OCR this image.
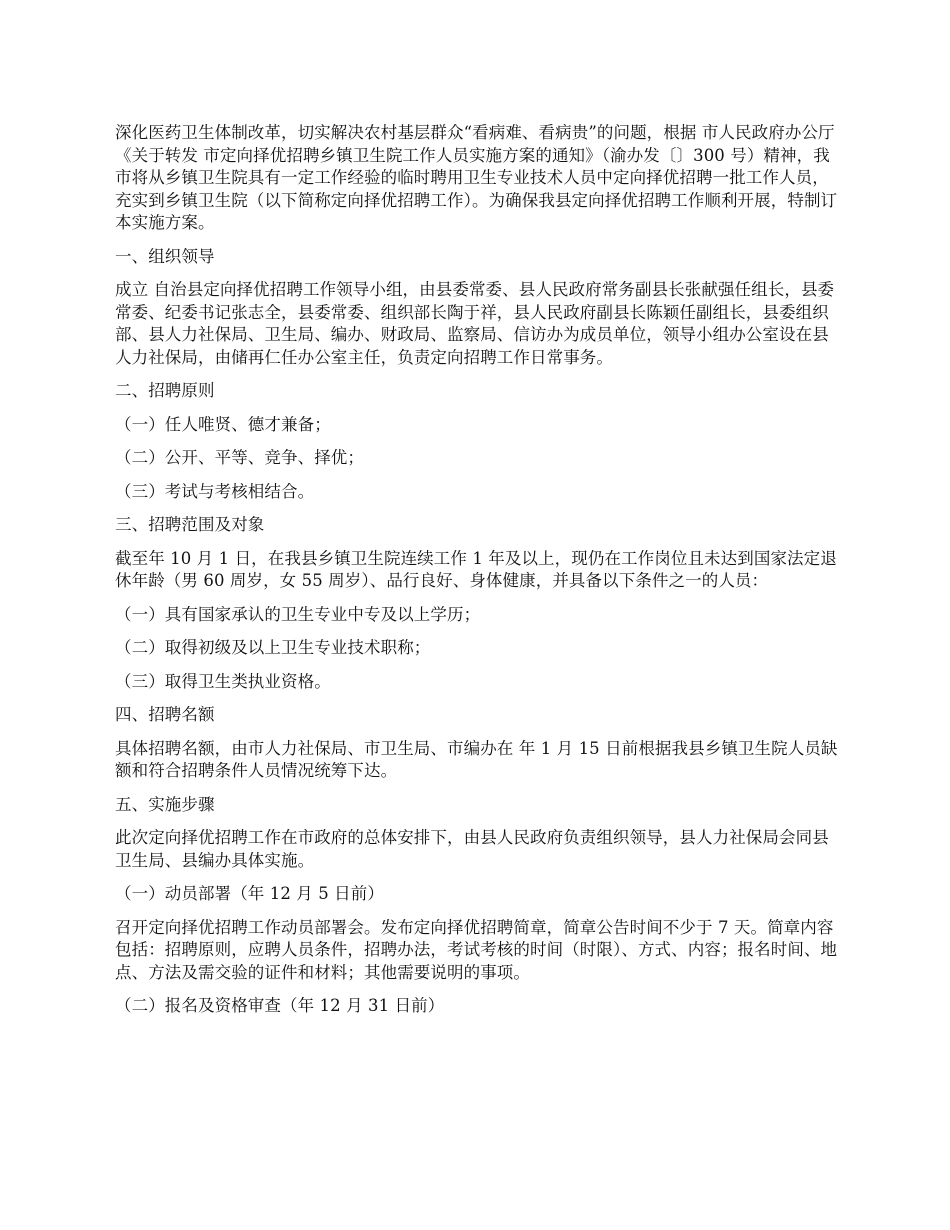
深化医药卫生体制改革，切实解决农村基层群众“看病难、看病贵”的问题，根据 市人民政府办公厅《关于转发 市定向择优招聘乡镇卫生院工作人员实施方案的通知》（渝办发〔〕300 号）精神，我市将从乡镇卫生院具有一定工作经验的临时聘用卫生专业技术人员中定向择优招聘一批工作人员，充实到乡镇卫生院（以下简称定向择优招聘工作）。为确保我县定向择优招聘工作顺利开展，特制订本实施方案。

一、组织领导

成立 自治县定向择优招聘工作领导小组，由县委常委、县人民政府常务副县长张献强任组长，县委常委、纪委书记张志全，县委常委、组织部长陶于祥，县人民政府副县长陈颖任副组长，县委组织部、县人力社保局、卫生局、编办、财政局、监察局、信访办为成员单位，领导小组办公室设在县人力社保局，由储再仁任办公室主任，负责定向招聘工作日常事务。

二、招聘原则

（一）任人唯贤、德才兼备；

（二）公开、平等、竞争、择优；

（三）考试与考核相结合。

三、招聘范围及对象

截至年 10 月 1 日，在我县乡镇卫生院连续工作 1 年及以上，现仍在工作岗位且未达到国家法定退休年龄（男 60 周岁，女 55 周岁）、品行良好、身体健康，并具备以下条件之一的人员：

（一）具有国家承认的卫生专业中专及以上学历；

（二）取得初级及以上卫生专业技术职称；

（三）取得卫生类执业资格。

四、招聘名额

具体招聘名额，由市人力社保局、市卫生局、市编办在 年 1 月 15 日前根据我县乡镇卫生院人员缺额和符合招聘条件人员情况统筹下达。

五、实施步骤

此次定向择优招聘工作在市政府的总体安排下，由县人民政府负责组织领导，县人力社保局会同县卫生局、县编办具体实施。

（一）动员部署（年 12 月 5 日前）

召开定向择优招聘工作动员部署会。发布定向择优招聘简章，简章公告时间不少于 7 天。简章内容包括：招聘原则，应聘人员条件，招聘办法，考试考核的时间（时限）、方式、内容；报名时间、地点、方法及需交验的证件和材料；其他需要说明的事项。

（二）报名及资格审查（年 12 月 31 日前）
